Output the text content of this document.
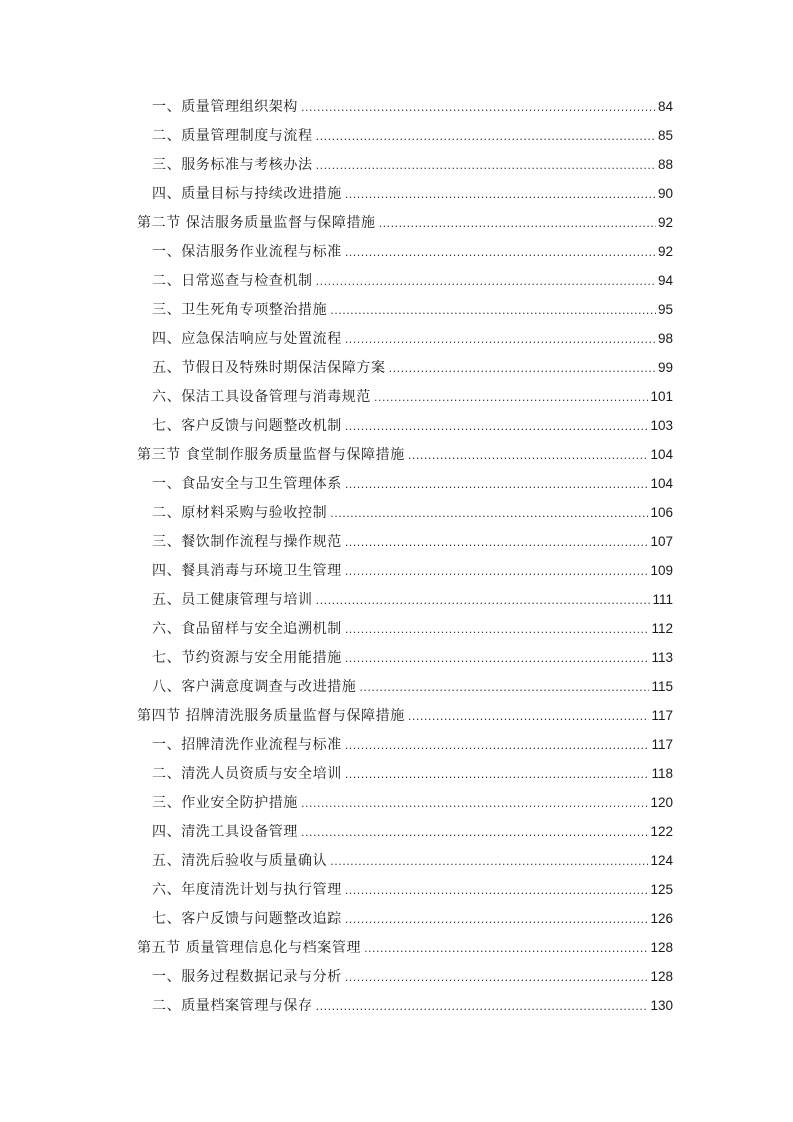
一、质量管理组织架构 .....	84
二、质量管理制度与流程 .....	85
三、服务标准与考核办法 .....	88
四、质量目标与持续改进措施 .....	90
第二节 保洁服务质量监督与保障措施 .....	92
一、保洁服务作业流程与标准 .....	92
二、日常巡查与检查机制 .....	94
三、卫生死角专项整治措施 .....	95
四、应急保洁响应与处置流程 .....	98
五、节假日及特殊时期保洁保障方案 .....	99
六、保洁工具设备管理与消毒规范 .....	101
七、客户反馈与问题整改机制 .....	103
第三节 食堂制作服务质量监督与保障措施 .....	104
一、食品安全与卫生管理体系 .....	104
二、原材料采购与验收控制 .....	106
三、餐饮制作流程与操作规范 .....	107
四、餐具消毒与环境卫生管理 .....	109
五、员工健康管理与培训 .....	111
六、食品留样与安全追溯机制 .....	112
七、节约资源与安全用能措施 .....	113
八、客户满意度调查与改进措施 .....	115
第四节 招牌清洗服务质量监督与保障措施 .....	117
一、招牌清洗作业流程与标准 .....	117
二、清洗人员资质与安全培训 .....	118
三、作业安全防护措施 .....	120
四、清洗工具设备管理 .....	122
五、清洗后验收与质量确认 .....	124
六、年度清洗计划与执行管理 .....	125
七、客户反馈与问题整改追踪 .....	126
第五节 质量管理信息化与档案管理 .....	128
一、服务过程数据记录与分析 .....	128
二、质量档案管理与保存 .....	130
